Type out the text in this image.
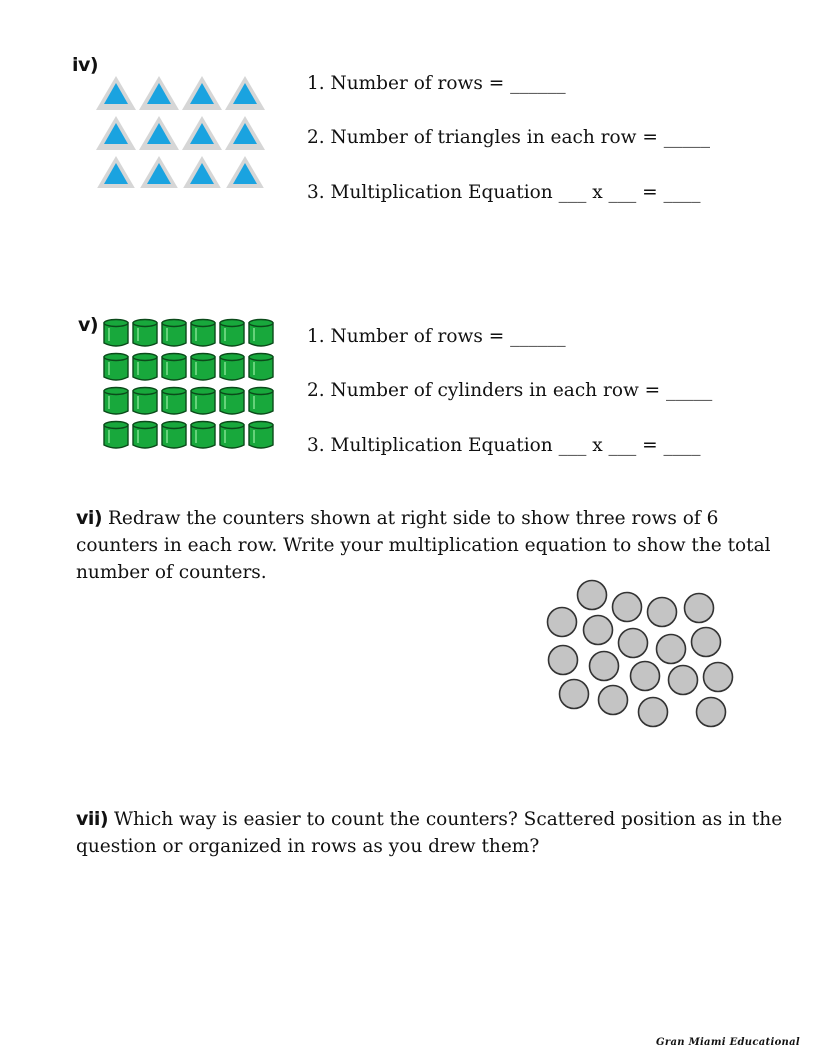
iv)
1. Number of rows = ______
2. Number of triangles in each row = _____
3. Multiplication Equation ___ x ___ = ____
v)
1. Number of rows = ______
2. Number of cylinders in each row = _____
3. Multiplication Equation ___ x ___ = ____

vi) Redraw the counters shown at right side to show three rows of 6 counters in each row. Write your multiplication equation to show the total number of counters.

vii) Which way is easier to count the counters? Scattered position as in the question or organized in rows as you drew them?

Gran Miami Educational
